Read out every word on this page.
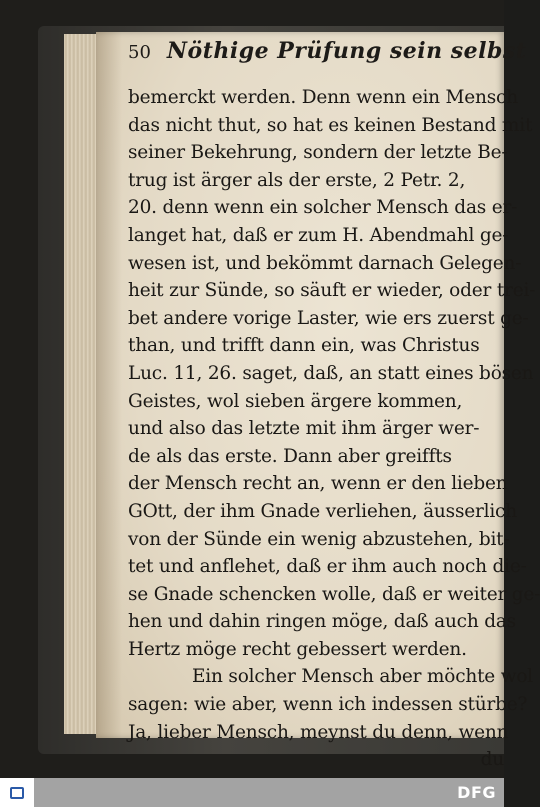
50 Nöthige Prüfung sein selbst
bemerckt werden. Denn wenn ein Mensch
das nicht thut, so hat es keinen Bestand mit
seiner Bekehrung, sondern der letzte Be-
trug ist ärger als der erste, 2 Petr. 2,
20. denn wenn ein solcher Mensch das er-
langet hat, daß er zum H. Abendmahl ge-
wesen ist, und bekömmt darnach Gelegen-
heit zur Sünde, so säuft er wieder, oder trei-
bet andere vorige Laster, wie ers zuerst ge-
than, und trifft dann ein, was Christus
Luc. 11, 26. saget, daß, an statt eines bösen
Geistes, wol sieben ärgere kommen,
und also das letzte mit ihm ärger wer-
de als das erste. Dann aber greiffts
der Mensch recht an, wenn er den lieben
GOtt, der ihm Gnade verliehen, äusserlich
von der Sünde ein wenig abzustehen, bit-
tet und anflehet, daß er ihm auch noch die-
se Gnade schencken wolle, daß er weiter ge-
hen und dahin ringen möge, daß auch das
Hertz möge recht gebessert werden.
Ein solcher Mensch aber möchte wol
sagen: wie aber, wenn ich indessen stürbe?
Ja, lieber Mensch, meynst du denn, wenn
du
DFG
